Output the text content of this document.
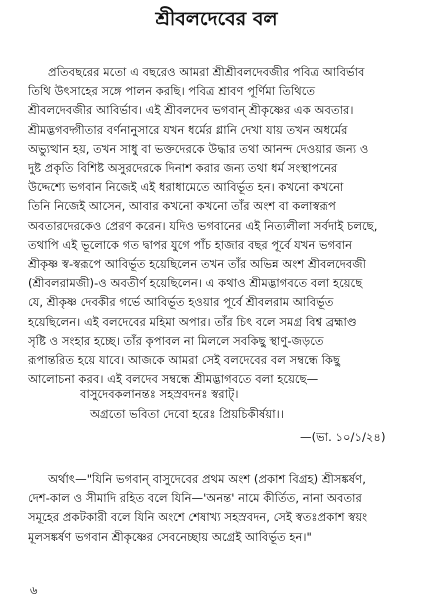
শ্রীবলদেবের বল
প্রতিবছরের মতো এ বছরেও আমরা শ্রীশ্রীবলদেবজীর পবিত্র আবির্ভাব
তিথি উৎসাহের সঙ্গে পালন করছি। পবিত্র শ্রাবণ পূর্ণিমা তিথিতে
শ্রীবলদেবজীর আবির্ভাব। এই শ্রীবলদেব ভগবান্ শ্রীকৃষ্ণের এক অবতার।
শ্রীমদ্ভগবদ্গীতার বর্ণনানুসারে যখন ধর্মের গ্লানি দেখা যায় তখন অধর্মের
অভ্যুত্থান হয়, তখন সাধু বা ভক্তদেরকে উদ্ধার তথা আনন্দ দেওয়ার জন্য ও
দুষ্ট প্রকৃতি বিশিষ্ট অসুরদেরকে দিনাশ করার জন্য তথা ধর্ম সংস্থাপনের
উদ্দেশ্যে ভগবান নিজেই এই ধরাধামেতে আবির্ভূত হন। কখনো কখনো
তিনি নিজেই আসেন, আবার কখনো কখনো তাঁর অংশ বা কলাস্বরূপ
অবতারদেরকেও প্রেরণ করেন। যদিও ভগবানের এই নিত্যলীলা সর্বদাই চলছে,
তথাপি এই ভূলোকে গত দ্বাপর যুগে পাঁচ হাজার বছর পূর্বে যখন ভগবান
শ্রীকৃষ্ণ স্ব-স্বরূপে আবির্ভূত হয়েছিলেন তখন তাঁর অভিন্ন অংশ শ্রীবলদেবজী
(শ্রীবলরামজী)-ও অবতীর্ণ হয়েছিলেন। এ কথাও শ্রীমদ্ভাগবতে বলা হয়েছে
যে, শ্রীকৃষ্ণ দেবকীর গর্ভে আবির্ভূত হওয়ার পূর্বে শ্রীবলরাম আবির্ভূত
হয়েছিলেন। এই বলদেবের মহিমা অপার। তাঁর চিৎ বলে সমগ্র বিশ্ব ব্রহ্মাণ্ড
সৃষ্টি ও সংহার হচ্ছে। তাঁর কৃপাবল না মিললে সবকিছু স্থাণু-জড়তে
রূপান্তরিত হয়ে যাবে। আজকে আমরা সেই বলদেবের বল সম্বন্ধে কিছু
আলোচনা করব। এই বলদেব সম্বন্ধে শ্রীমদ্ভাগবতে বলা হয়েছে—
বাসুদেবকলানন্তঃ সহস্রবদনঃ স্বরাট্।
অগ্রতো ভবিতা দেবো হরেঃ প্রিয়চিকীর্ষয়া।।
—(ভা. ১০/১/২৪)
অর্থাৎ—"যিনি ভগবান্ বাসুদেবের প্রথম অংশ (প্রকাশ বিগ্রহ) শ্রীসঙ্কর্ষণ,
দেশ-কাল ও সীমাদি রহিত বলে যিনি—'অনন্ত' নামে কীর্তিত, নানা অবতার
সমূহের প্রকটকারী বলে যিনি অংশে শেষাখ্য সহস্রবদন, সেই স্বতঃপ্রকাশ স্বয়ং
মূলসঙ্কর্ষণ ভগবান শ্রীকৃষ্ণের সেবনেচ্ছায় অগ্রেই আবির্ভূত হন।"
৬
